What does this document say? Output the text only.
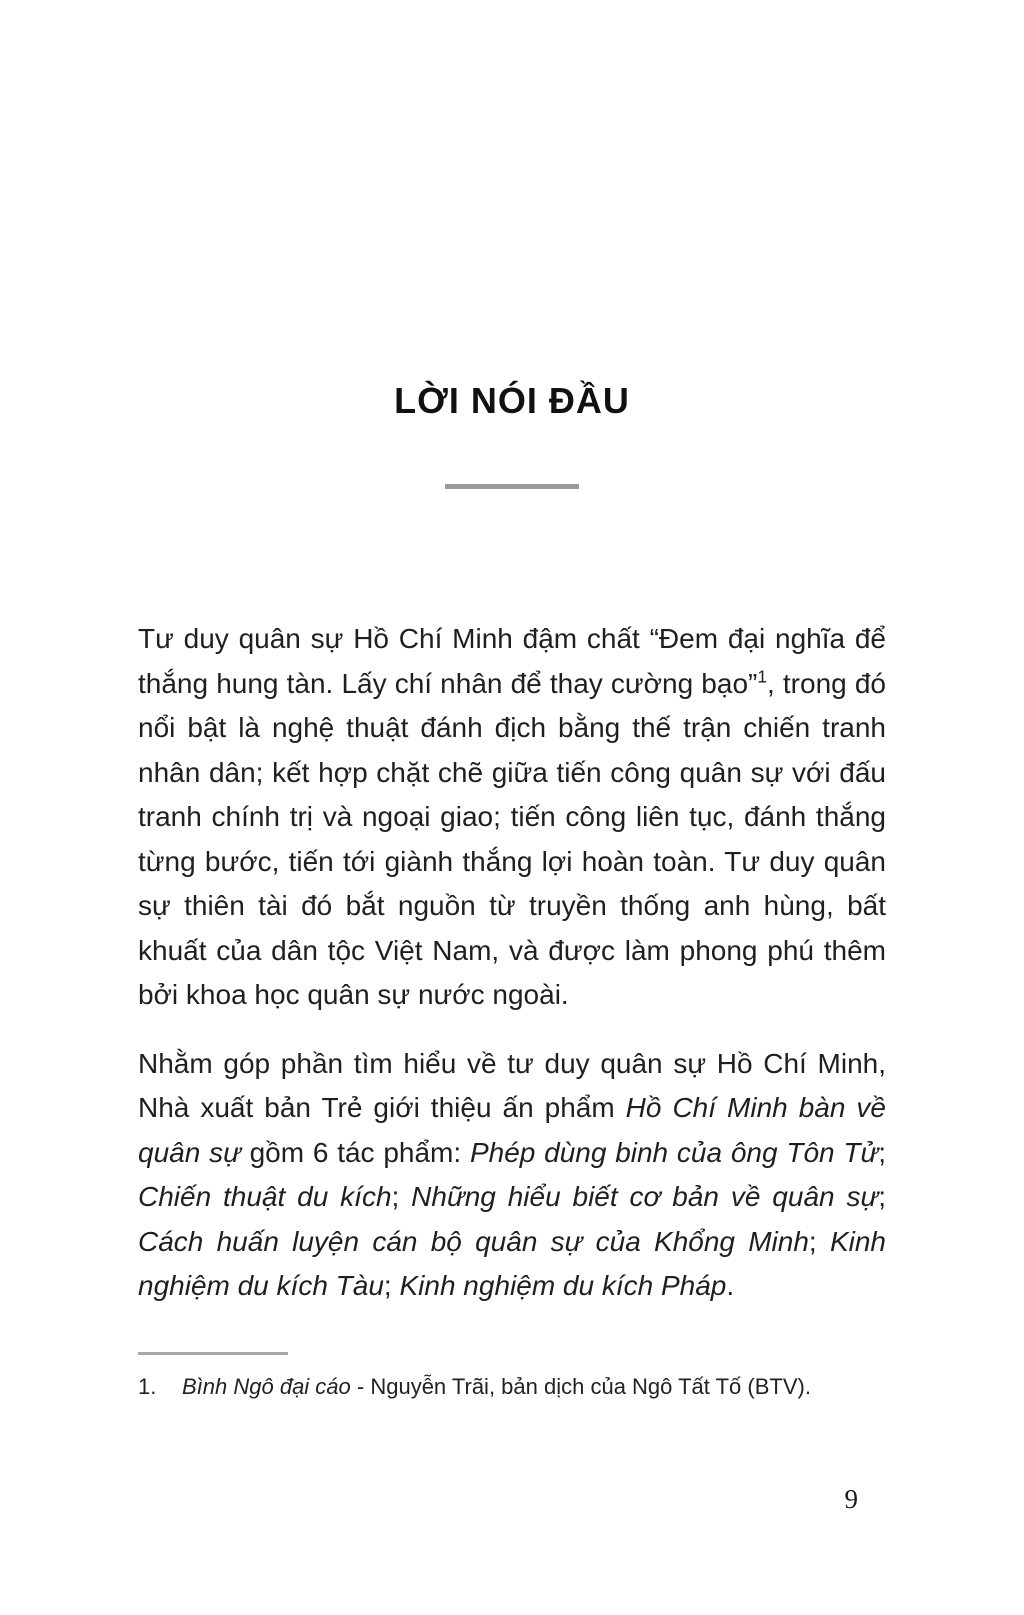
LỜI NÓI ĐẦU

Tư duy quân sự Hồ Chí Minh đậm chất “Đem đại nghĩa để thắng hung tàn. Lấy chí nhân để thay cường bạo”$^1$, trong đó nổi bật là nghệ thuật đánh địch bằng thế trận chiến tranh nhân dân; kết hợp chặt chẽ giữa tiến công quân sự với đấu tranh chính trị và ngoại giao; tiến công liên tục, đánh thắng từng bước, tiến tới giành thắng lợi hoàn toàn. Tư duy quân sự thiên tài đó bắt nguồn từ truyền thống anh hùng, bất khuất của dân tộc Việt Nam, và được làm phong phú thêm bởi khoa học quân sự nước ngoài.

Nhằm góp phần tìm hiểu về tư duy quân sự Hồ Chí Minh, Nhà xuất bản Trẻ giới thiệu ấn phẩm Hồ Chí Minh bàn về quân sự gồm 6 tác phẩm: Phép dùng binh của ông Tôn Tử; Chiến thuật du kích; Những hiểu biết cơ bản về quân sự; Cách huấn luyện cán bộ quân sự của Khổng Minh; Kinh nghiệm du kích Tàu; Kinh nghiệm du kích Pháp.

1.	Bình Ngô đại cáo - Nguyễn Trãi, bản dịch của Ngô Tất Tố (BTV).
9
